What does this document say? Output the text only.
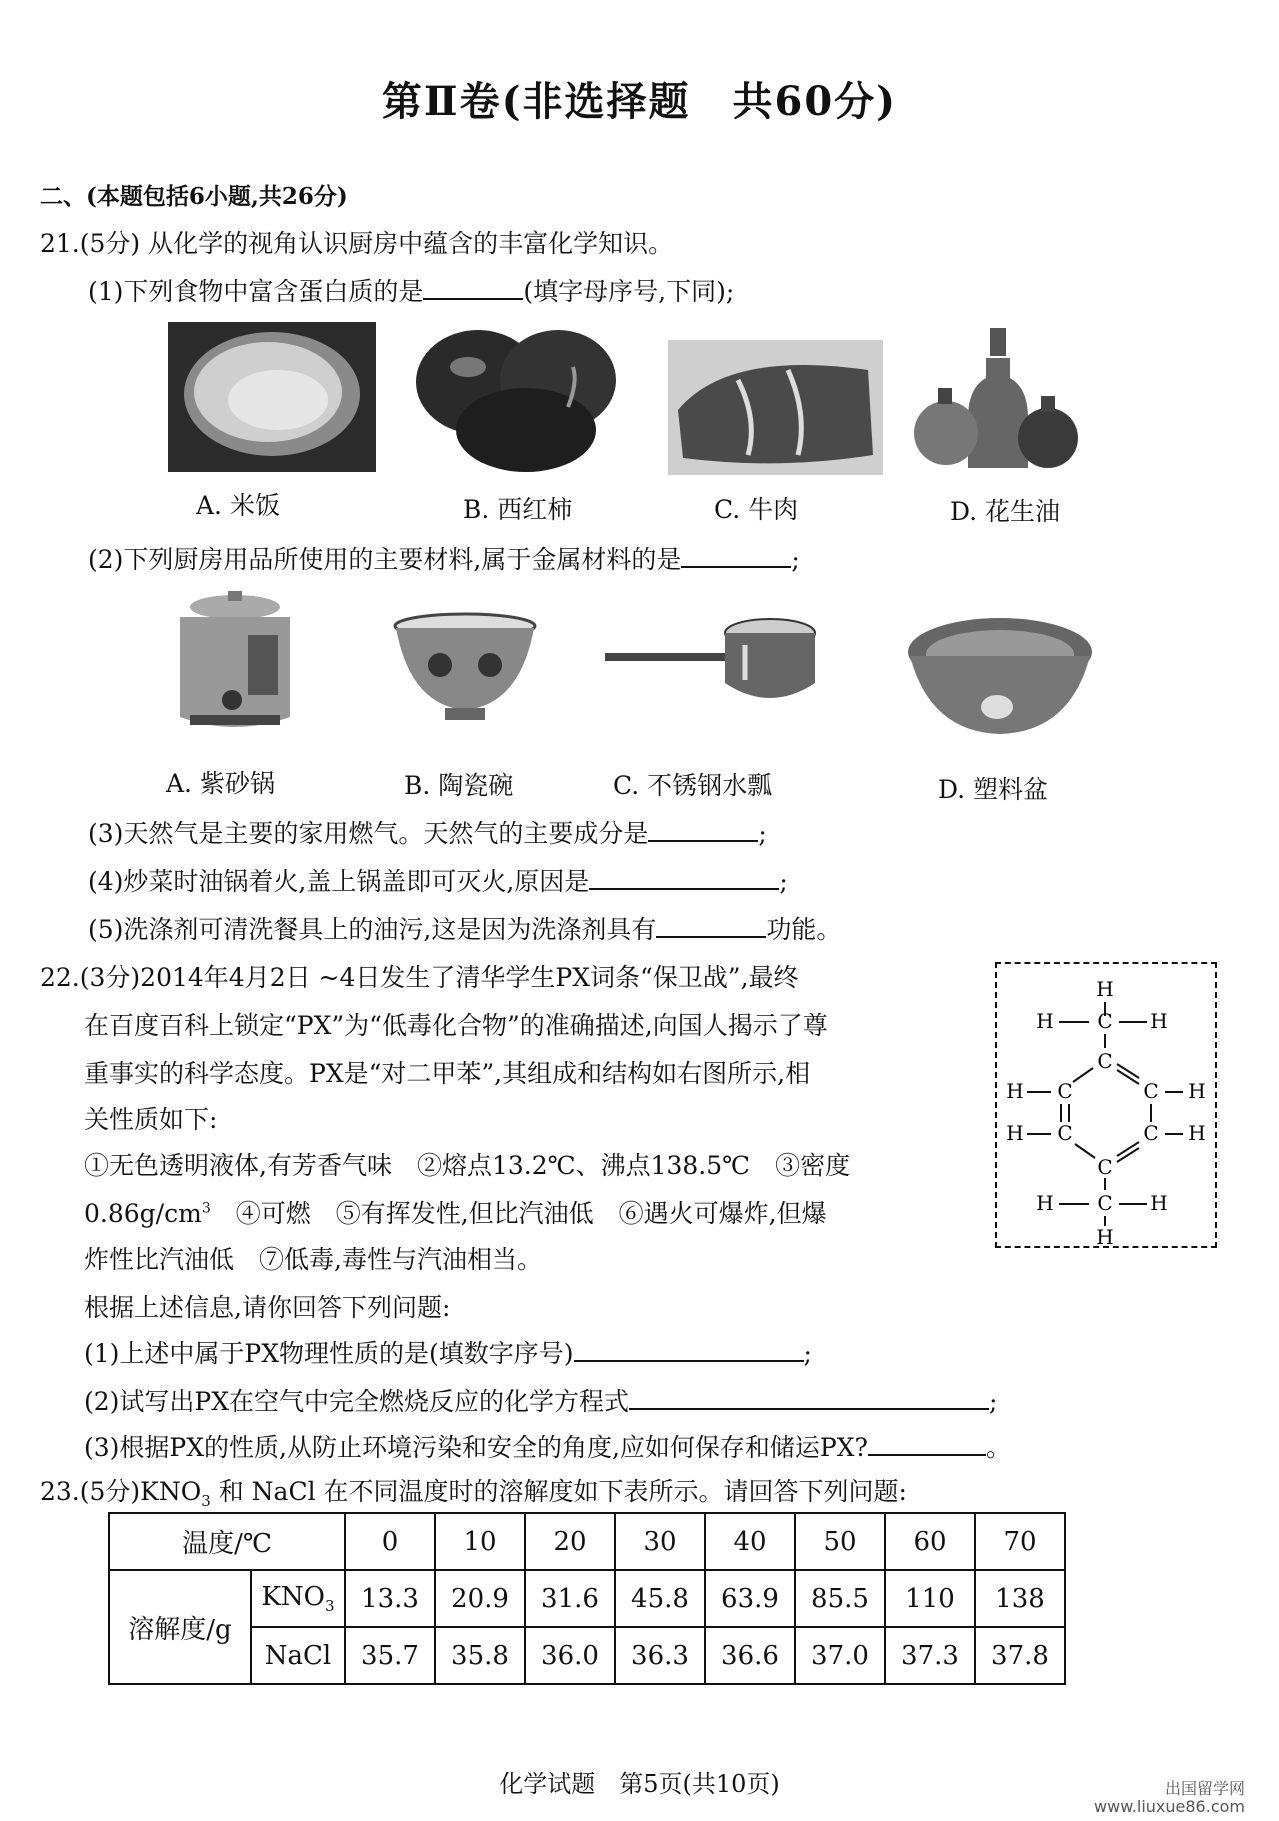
第Ⅱ卷(非选择题　共60分)
二、(本题包括6小题,共26分)
21.(5分) 从化学的视角认识厨房中蕴含的丰富化学知识。
(1)下列食物中富含蛋白质的是	(填字母序号,下同);
A. 米饭	B. 西红柿	C. 牛肉	D. 花生油
(2)下列厨房用品所使用的主要材料,属于金属材料的是	;
A. 紫砂锅	B. 陶瓷碗	C. 不锈钢水瓢	D. 塑料盆
(3)天然气是主要的家用燃气。天然气的主要成分是	;
(4)炒菜时油锅着火,盖上锅盖即可灭火,原因是	;
(5)洗涤剂可清洗餐具上的油污,这是因为洗涤剂具有	功能。
22.(3分)2014年4月2日 ~4日发生了清华学生PX词条“保卫战”,最终
在百度百科上锁定“PX”为“低毒化合物”的准确描述,向国人揭示了尊
重事实的科学态度。PX是“对二甲苯”,其组成和结构如右图所示,相
关性质如下:
①无色透明液体,有芳香气味　②熔点13.2℃、沸点138.5℃　③密度
$0.86g/cm^3$　④可燃　⑤有挥发性,但比汽油低　⑥遇火可爆炸,但爆
炸性比汽油低　⑦低毒,毒性与汽油相当。
根据上述信息,请你回答下列问题:
H
H C H
C
H C	C H
H C	C H
C
H C H
H
(1)上述中属于PX物理性质的是(填数字序号)	;
(2)试写出PX在空气中完全燃烧反应的化学方程式	;
(3)根据PX的性质,从防止环境污染和安全的角度,应如何保存和储运PX?	。
23.(5分)$KNO_3$ 和 NaCl 在不同温度时的溶解度如下表所示。请回答下列问题:
温度/℃		0	10	20	30	40	50	60	70
溶解度/g	$KNO_3$	13.3	20.9	31.6	45.8	63.9	85.5	110	138
	NaCl	35.7	35.8	36.0	36.3	36.6	37.0	37.3	37.8
化学试题　第5页(共10页)	出国留学网
www.liuxue86.com
